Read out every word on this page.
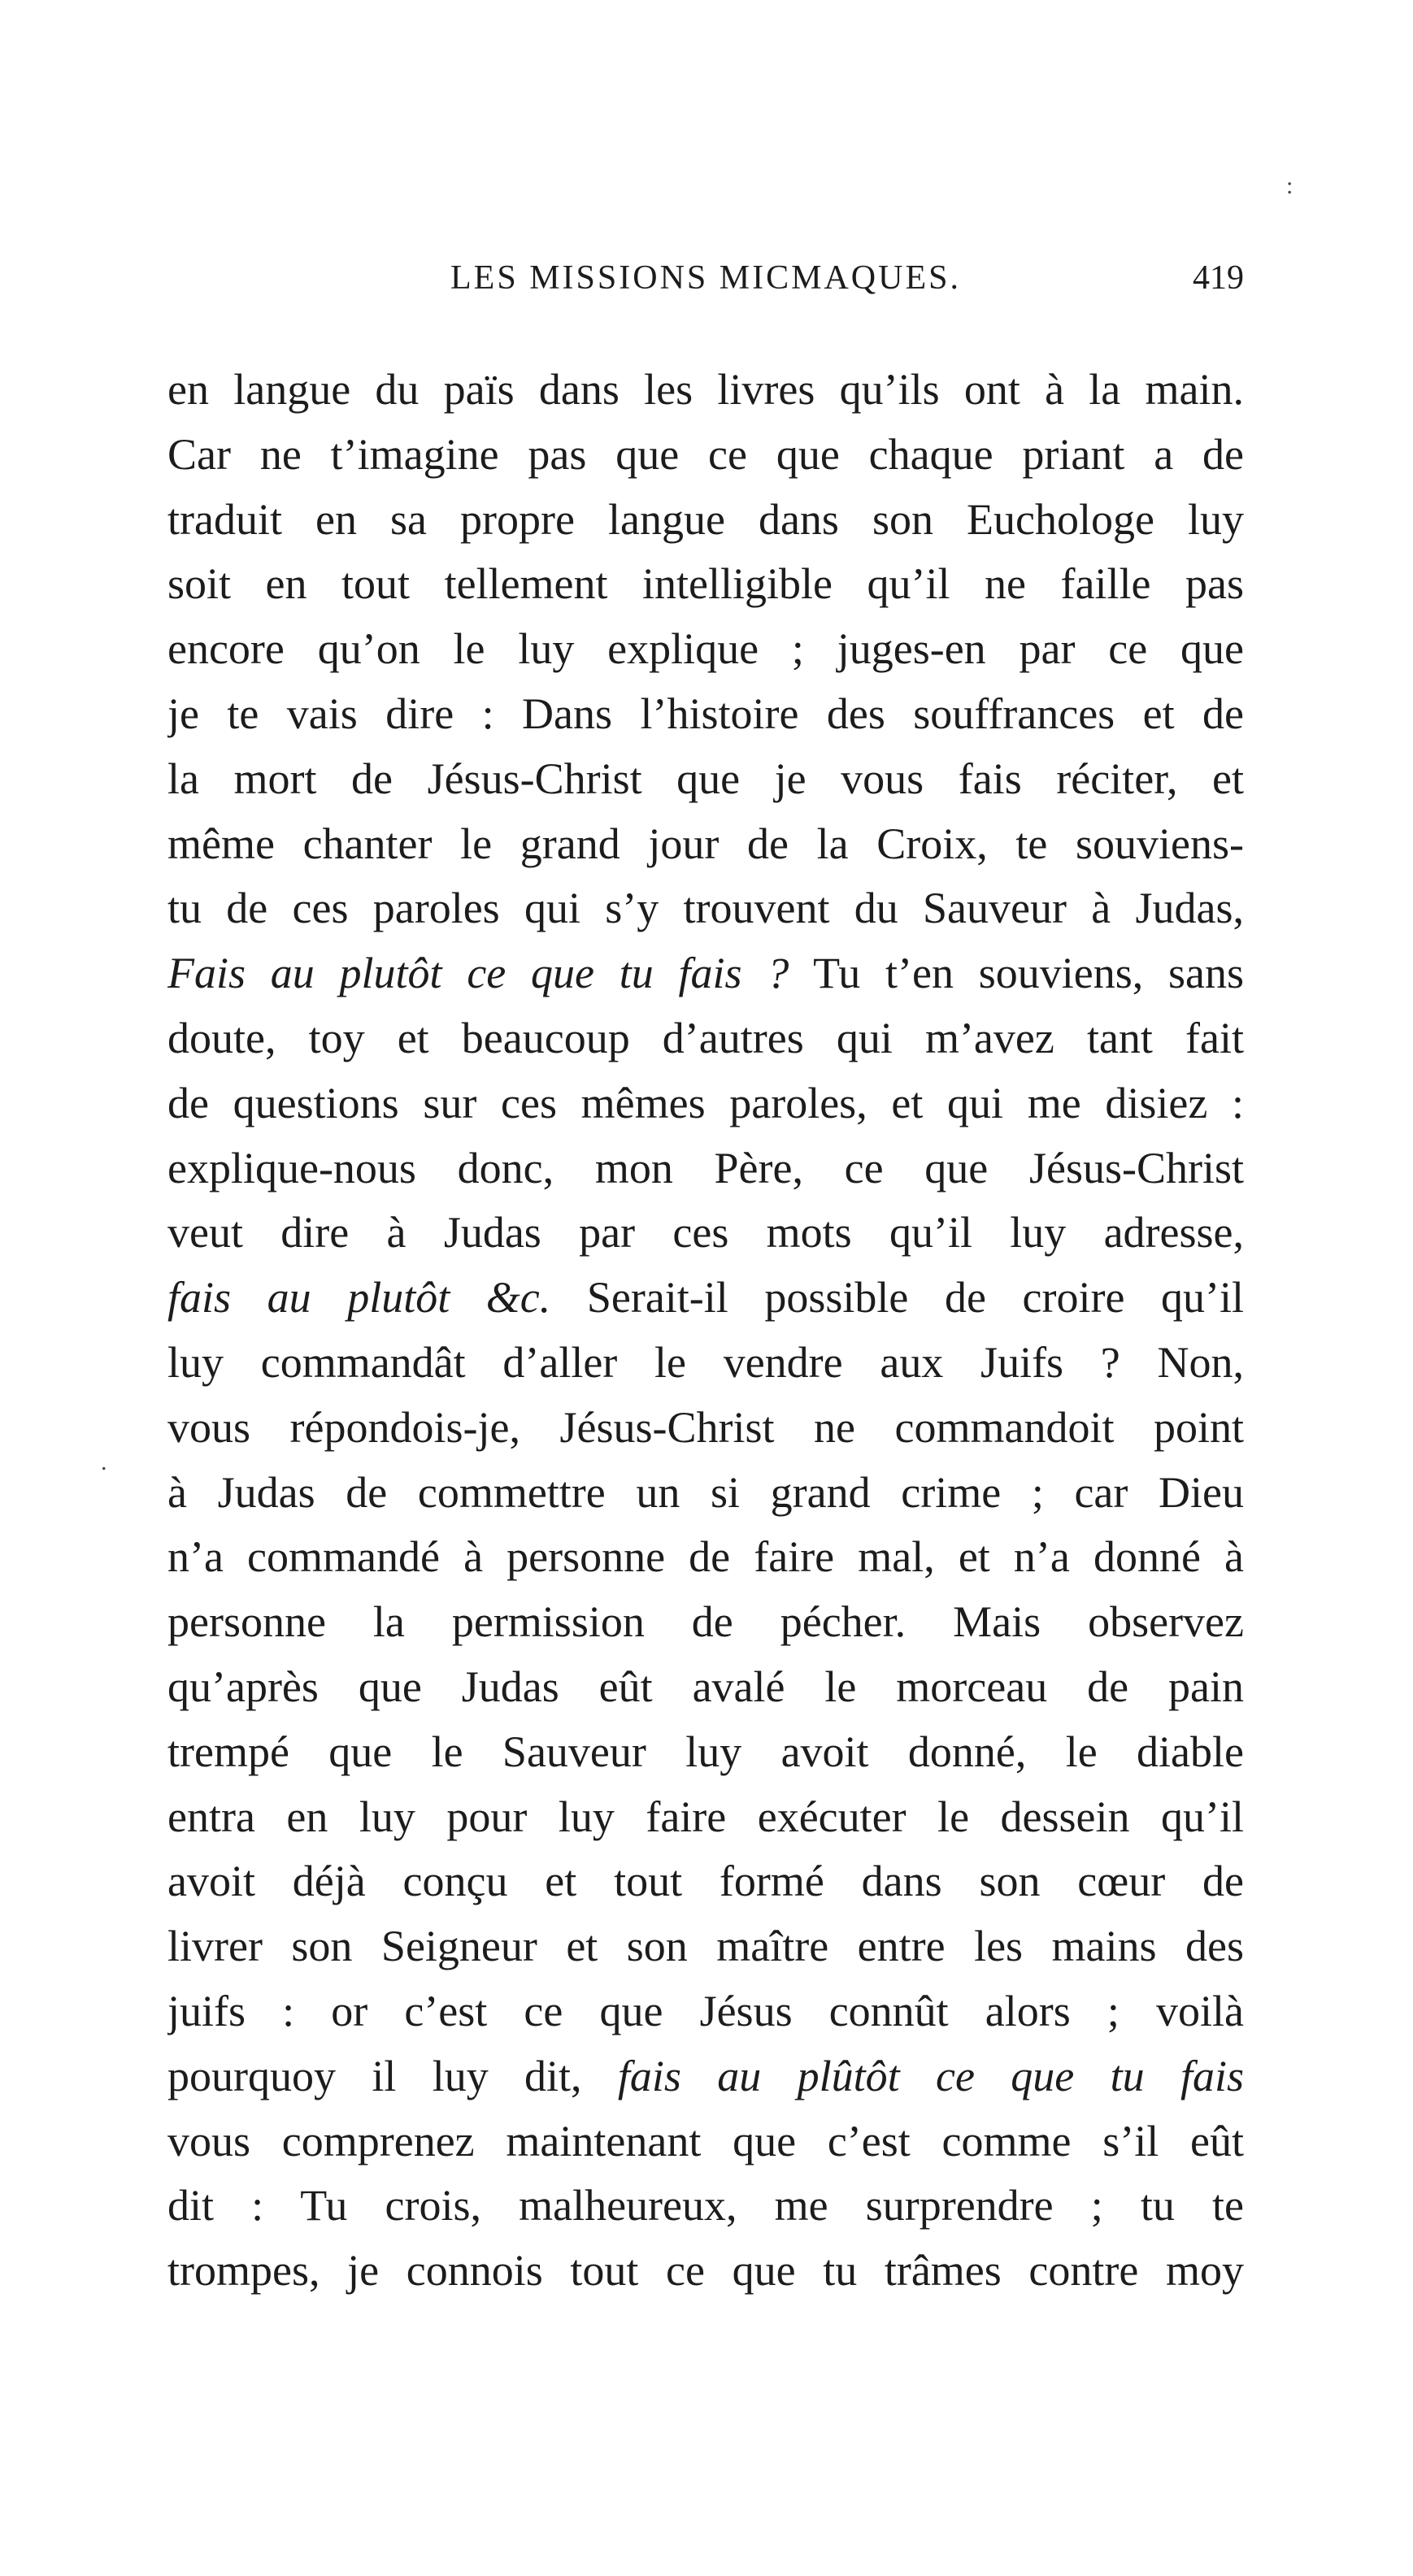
:
.
LES MISSIONS MICMAQUES.	419
en langue du païs dans les livres qu’ils ont à la main.
Car ne t’imagine pas que ce que chaque priant a de
traduit en sa propre langue dans son Euchologe luy
soit en tout tellement intelligible qu’il ne faille pas
encore qu’on le luy explique ; juges-en par ce que
je te vais dire : Dans l’histoire des souffrances et de
la mort de Jésus-Christ que je vous fais réciter, et
même chanter le grand jour de la Croix, te souviens-
tu de ces paroles qui s’y trouvent du Sauveur à Judas,
Fais au plutôt ce que tu fais ? Tu t’en souviens, sans
doute, toy et beaucoup d’autres qui m’avez tant fait
de questions sur ces mêmes paroles, et qui me disiez :
explique-nous donc, mon Père, ce que Jésus-Christ
veut dire à Judas par ces mots qu’il luy adresse,
fais au plutôt &c. Serait-il possible de croire qu’il
luy commandât d’aller le vendre aux Juifs ? Non,
vous répondois-je, Jésus-Christ ne commandoit point
à Judas de commettre un si grand crime ; car Dieu
n’a commandé à personne de faire mal, et n’a donné à
personne la permission de pécher. Mais observez
qu’après que Judas eût avalé le morceau de pain
trempé que le Sauveur luy avoit donné, le diable
entra en luy pour luy faire exécuter le dessein qu’il
avoit déjà conçu et tout formé dans son cœur de
livrer son Seigneur et son maître entre les mains des
juifs : or c’est ce que Jésus connût alors ; voilà
pourquoy il luy dit, fais au plûtôt ce que tu fais
vous comprenez maintenant que c’est comme s’il eût
dit : Tu crois, malheureux, me surprendre ; tu te
trompes, je connois tout ce que tu trâmes contre moy
